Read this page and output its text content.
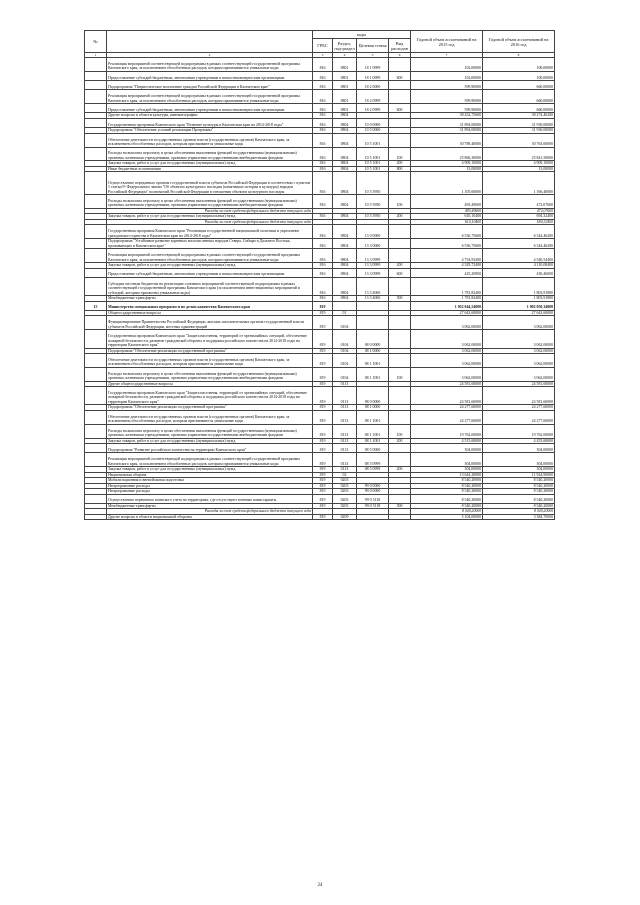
№		коды				Годовой объем ассигнований на 2015 год	Годовой объем ассигнований на 2016 год
		ГРБС	Раздел, под-раздел	Целевая статья	Вид расходов		
1	2	3	4	5	6	7	8
	Реализация мероприятий соответствующей подпрограммы в рамках соответствующей государственной программы Камчатского края, за исключением обособленных расходов, которым присваиваются уникальные коды	816	0801	18 1 0999		102,00000	100,00000
	Предоставление субсидий бюджетным, автономным учреждениям и иным некоммерческим организациям	816	0801	18 1 0999	600	102,00000	100,00000
	Подпрограмма "Патриотическое воспитание граждан Российской Федерации в Камчатском крае"	816	0801	18 2 0000		599,90000	660,00000
	Реализация мероприятий соответствующей подпрограммы в рамках соответствующей государственной программы Камчатского края, за исключением обособленных расходов, которым присваиваются уникальные коды	816	0801	18 2 0999		599,90000	660,00000
	Предоставление субсидий бюджетным, автономным учреждениям и иным некоммерческим организациям	816	0801	18 2 0999	600	599,90000	660,00000
	Другие вопросы в области культуры, кинематографии	816	0804			38 432,75600	38 274,46200
	Государственная программа Камчатского края "Развитие культуры в Камчатском крае на 2014-2018 годы"	816	0804	10 0 0000		31 894,00000	31 930,00000
	Подпрограмма "Обеспечение условий реализации Программы"	816	0804	10 5 0000		31 894,00000	31 930,00000
	Обеспечение деятельности государственных органов власти (государственных органов) Камчатского края, за исключением обособленных расходов, которым присваиваются уникальные коды	816	0804	10 5 1001		30 788,40000	30 763,60000
	Расходы на выплаты персоналу в целях обеспечения выполнения функций государственными (муниципальными) органами, казенными учреждениями, органами управления государственными внебюджетными фондами	816	0804	10 5 1001	100	25 866,30000	25 841,50000
	Закупка товаров, работ и услуг для государственных (муниципальных) нужд	816	0804	10 5 1001	200	4 909,10000	4 909,10000
	Иные бюджетные ассигнования	816	0804	10 5 1001	800	13,00000	13,00000
	Осуществление переданных органам государственной власти субъектов Российской Федерации в соответствии с пунктом 1 статьи 9¹ Федерального закона "Об объектах культурного наследия (памятниках истории и культуры) народов Российской Федерации" полномочий Российской Федерации в отношении объектов культурного наследия	816	0804	10 5 5950		1 105,60000	1 166,40000
	Расходы на выплаты персоналу в целях обеспечения выполнения функций государственными (муниципальными) органами, казенными учреждениями, органами управления государственными внебюджетными фондами	816	0804	10 5 5950	100	495,49600	472,07600
	Расходы за счет средств федерального бюджета текущего года					495,49600	472,07600
	Закупка товаров, работ и услуг для государственных (муниципальных) нужд	816	0804	10 5 5950	200	610,10400	694,32400
	Расходы за счет средств федерального бюджета текущего года					610,10400	694,32400
	Государственная программа Камчатского края "Реализация государственной национальной политики и укрепление гражданского единства в Камчатском крае на 2014-2018 годы"	816	0804	13 0 0000		6 536,75600	6 344,46200
	Подпрограмма "Устойчивое развитие коренных малочисленных народов Севера, Сибири и Дальнего Востока, проживающих в Камчатском крае"	816	0804	13 3 0000		6 536,75600	6 344,46200
	Реализация мероприятий соответствующей подпрограммы в рамках соответствующей государственной программы Камчатского края, за исключением обособленных расходов, которым присваиваются уникальные коды	816	0804	13 3 0999		4 754,93200	4 540,54400
	Закупка товаров, работ и услуг для государственных (муниципальных) нужд	816	0804	13 3 0999	200	4 329,72400	4 110,08400
	Предоставление субсидий бюджетным, автономным учреждениям и иным некоммерческим организациям	816	0804	13 3 0999	600	425,20800	430,46000
	Субсидии местным бюджетам на реализацию основных мероприятий соответствующей подпрограммы в рамках соответствующей государственной программы Камчатского края (за исключением инвестиционных мероприятий и субсидий, которым присвоены уникальные коды)	816	0804	13 3 4006		1 781,82400	1 803,91800
	Межбюджетные трансферты	816	0804	13 3 4006	500	1 781,82400	1 803,91800
15	Министерство специальных программ и по делам казачества Камчатского края	819				1 052 044,54000	1 092 050,34000
	Общегосударственные вопросы	819	01			27 643,60000	27 643,60000
	Функционирование Правительства Российской Федерации, высших исполнительных органов государственной власти субъектов Российской Федерации, местных администраций	819	0104			3 062,00000	3 062,00000
	Государственная программа Камчатского края "Защита населения, территорий от чрезвычайных ситуаций, обеспечение пожарной безопасности, развитие гражданской обороны и поддержка российского казачества на 2014-2018 годы на территории Камчатского края"	819	0104	08 0 0000		3 062,00000	3 062,00000
	Подпрограмма "Обеспечение реализации государственной программы"	819	0104	08 1 0000		3 062,00000	3 062,00000
	Обеспечение деятельности государственных органов власти (государственных органов) Камчатского края, за исключением обособленных расходов, которым присваиваются уникальные коды	819	0104	08 1 1001		3 062,00000	3 062,00000
	Расходы на выплаты персоналу в целях обеспечения выполнения функций государственными (муниципальными) органами, казенными учреждениями, органами управления государственными внебюджетными фондами	819	0104	08 1 1001	100	3 062,00000	3 062,00000
	Другие общегосударственные вопросы	819	0113			24 581,60000	24 581,60000
	Государственная программа Камчатского края "Защита населения, территорий от чрезвычайных ситуаций, обеспечение пожарной безопасности, развитие гражданской обороны и поддержка российского казачества на 2014-2018 годы на территории Камчатского края"	819	0113	08 0 0000		24 581,60000	24 581,60000
	Подпрограмма "Обеспечение реализации государственной программы"	819	0113	08 1 0000		24 277,60000	24 277,60000
	Обеспечение деятельности государственных органов власти (государственных органов) Камчатского края, за исключением обособленных расходов, которым присваиваются уникальные коды	819	0113	08 1 1001		24 277,60000	24 277,60000
	Расходы на выплаты персоналу в целях обеспечения выполнения функций государственными (муниципальными) органами, казенными учреждениями, органами управления государственными внебюджетными фондами	819	0113	08 1 1001	100	19 762,00000	19 762,00000
	Закупка товаров, работ и услуг для государственных (муниципальных) нужд	819	0113	08 1 1001	200	4 515,60000	4 455,60000
	Подпрограмма "Развитие российского казачества на территории Камчатского края"	819	0113	08 5 0000		304,00000	304,00000
	Реализация мероприятий соответствующей подпрограммы в рамках соответствующей государственной программы Камчатского края, за исключением обособленных расходов, которым присваиваются уникальные коды	819	0113	08 5 0999		304,00000	304,00000
	Закупка товаров, работ и услуг для государственных (муниципальных) нужд	819	0113	08 5 0999	200	304,00000	304,00000
	Национальная оборона	819	02			13 644,20000	11 924,90000
	Мобилизационная и вневойсковая подготовка	819	0203			8 540,20000	8 540,20000
	Непрограммные расходы	819	0203	99 0 0000		8 540,20000	8 540,20000
	Непрограммные расходы	819	0203	99 0 0000		8 540,20000	8 540,20000
	Осуществление первичного воинского учета на территориях, где отсутствуют военные комиссариаты	819	0203	99 0 5118		8 540,20000	8 540,20000
	Межбюджетные трансферты	819	0203	99 0 5118	500	8 540,20000	8 540,20000
	Расходы за счет средств федерального бюджета текущего года					8 540,20000	8 540,20000
	Другие вопросы в области национальной обороны	819	0209			5 104,00000	3 384,70000
24
